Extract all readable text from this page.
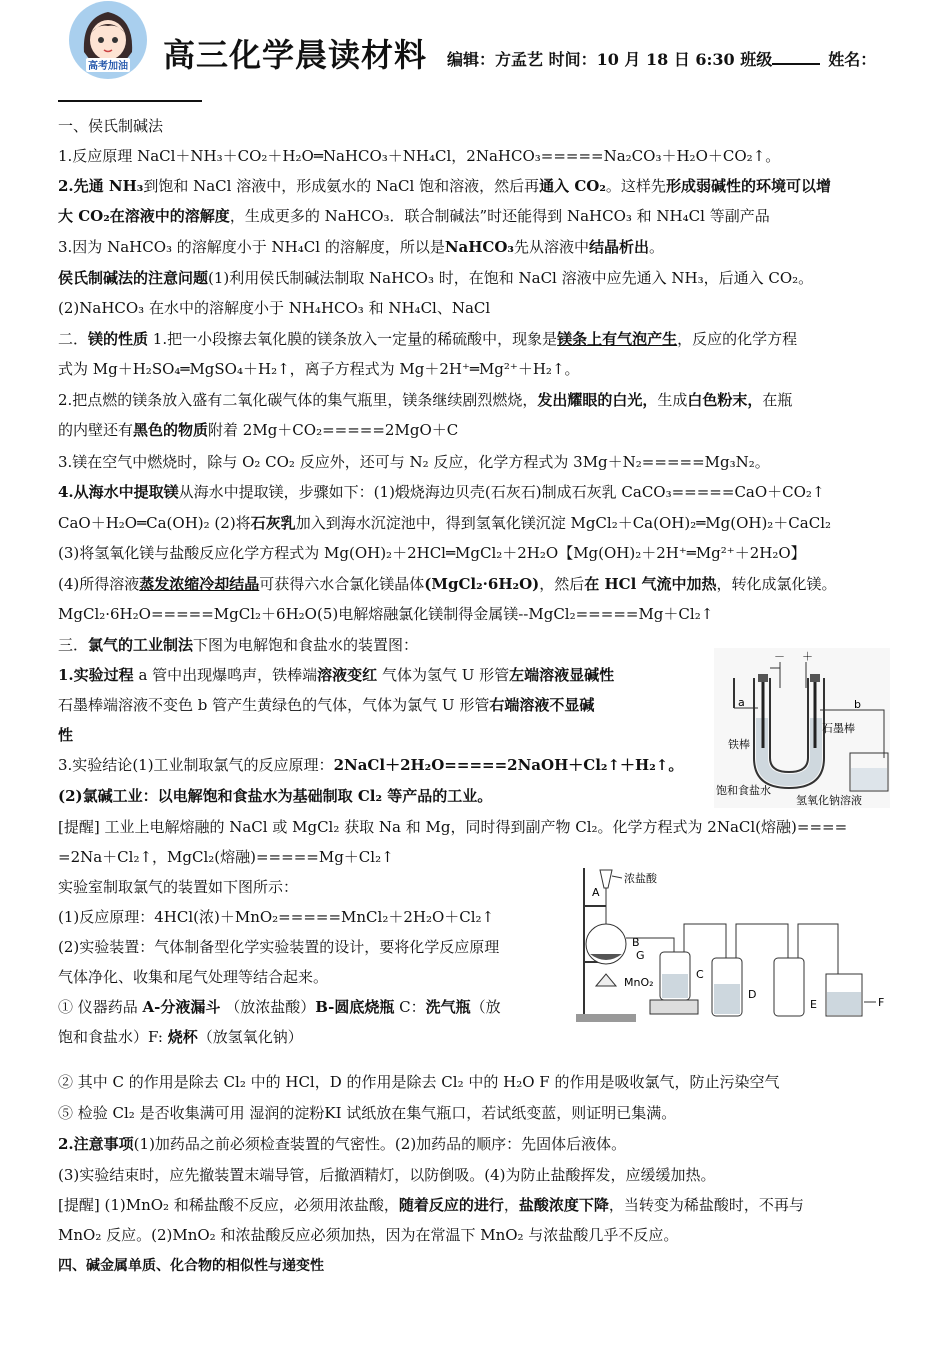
高考加油 高三化学晨读材料 编辑：方孟艺 时间：10 月 18 日 6:30 班级	姓名：
一、侯氏制碱法
1.反应原理 NaCl＋NH₃＋CO₂＋H₂O═NaHCO₃＋NH₄Cl，2NaHCO₃=====Na₂CO₃＋H₂O＋CO₂↑。
2.先通 NH₃到饱和 NaCl 溶液中，形成氨水的 NaCl 饱和溶液，然后再通入 CO₂。这样先形成弱碱性的环境可以增
大 CO₂在溶液中的溶解度，生成更多的 NaHCO₃．联合制碱法”时还能得到 NaHCO₃ 和 NH₄Cl 等副产品
3.因为 NaHCO₃ 的溶解度小于 NH₄Cl 的溶解度，所以是NaHCO₃先从溶液中结晶析出。
侯氏制碱法的注意问题(1)利用侯氏制碱法制取 NaHCO₃ 时，在饱和 NaCl 溶液中应先通入 NH₃，后通入 CO₂。
(2)NaHCO₃ 在水中的溶解度小于 NH₄HCO₃ 和 NH₄Cl、NaCl
二．镁的性质 1.把一小段擦去氧化膜的镁条放入一定量的稀硫酸中，现象是镁条上有气泡产生，反应的化学方程
式为 Mg＋H₂SO₄═MgSO₄＋H₂↑，离子方程式为 Mg＋2H⁺═Mg²⁺＋H₂↑。
2.把点燃的镁条放入盛有二氧化碳气体的集气瓶里，镁条继续剧烈燃烧，发出耀眼的白光，生成白色粉末，在瓶
的内壁还有黑色的物质附着 2Mg＋CO₂=====2MgO＋C
3.镁在空气中燃烧时，除与 O₂ CO₂ 反应外，还可与 N₂ 反应，化学方程式为 3Mg＋N₂=====Mg₃N₂。
4.从海水中提取镁从海水中提取镁，步骤如下：(1)煅烧海边贝壳(石灰石)制成石灰乳 CaCO₃=====CaO＋CO₂↑
CaO＋H₂O═Ca(OH)₂ (2)将石灰乳加入到海水沉淀池中，得到氢氧化镁沉淀 MgCl₂＋Ca(OH)₂═Mg(OH)₂＋CaCl₂
(3)将氢氧化镁与盐酸反应化学方程式为 Mg(OH)₂＋2HCl═MgCl₂＋2H₂O【Mg(OH)₂＋2H⁺═Mg²⁺＋2H₂O】
(4)所得溶液蒸发浓缩冷却结晶可获得六水合氯化镁晶体(MgCl₂·6H₂O)，然后在 HCl 气流中加热，转化成氯化镁。
MgCl₂·6H₂O=====MgCl₂＋6H₂O(5)电解熔融氯化镁制得金属镁--MgCl₂=====Mg＋Cl₂↑
三．氯气的工业制法下图为电解饱和食盐水的装置图：
1.实验过程 a 管中出现爆鸣声，铁棒端溶液变红 气体为氢气 U 形管左端溶液显碱性
石墨棒端溶液不变色 b 管产生黄绿色的气体，气体为氯气 U 形管右端溶液不显碱
性
3.实验结论(1)工业制取氯气的反应原理：2NaCl＋2H₂O=====2NaOH＋Cl₂↑＋H₂↑。
(2)氯碱工业：以电解饱和食盐水为基础制取 Cl₂ 等产品的工业。
[提醒] 工业上电解熔融的 NaCl 或 MgCl₂ 获取 Na 和 Mg，同时得到副产物 Cl₂。化学方程式为 2NaCl(熔融)====
=2Na＋Cl₂↑，MgCl₂(熔融)=====Mg＋Cl₂↑
实验室制取氯气的装置如下图所示：
(1)反应原理：4HCl(浓)＋MnO₂=====MnCl₂＋2H₂O＋Cl₂↑
(2)实验装置：气体制备型化学实验装置的设计，要将化学反应原理
气体净化、收集和尾气处理等结合起来。
① 仪器药品 A-分液漏斗 （放浓盐酸）B-圆底烧瓶 C：洗气瓶（放
饱和食盐水）F: 烧杯（放氢氧化钠）
② 其中 C 的作用是除去 Cl₂ 中的 HCl，D 的作用是除去 Cl₂ 中的 H₂O F 的作用是吸收氯气，防止污染空气
⑤ 检验 Cl₂ 是否收集满可用 湿润的淀粉KI 试纸放在集气瓶口，若试纸变蓝，则证明已集满。
2.注意事项(1)加药品之前必须检查装置的气密性。(2)加药品的顺序：先固体后液体。
(3)实验结束时，应先撤装置末端导管，后撤酒精灯，以防倒吸。(4)为防止盐酸挥发，应缓缓加热。
[提醒] (1)MnO₂ 和稀盐酸不反应，必须用浓盐酸，随着反应的进行，盐酸浓度下降，当转变为稀盐酸时，不再与
MnO₂ 反应。(2)MnO₂ 和浓盐酸反应必须加热，因为在常温下 MnO₂ 与浓盐酸几乎不反应。
四、碱金属单质、化合物的相似性与递变性
－ ＋
a	b
铁棒
石墨棒
饱和食盐水
氢氧化钠溶液
浓盐酸
A
B
G
MnO₂
C
D
E	F
